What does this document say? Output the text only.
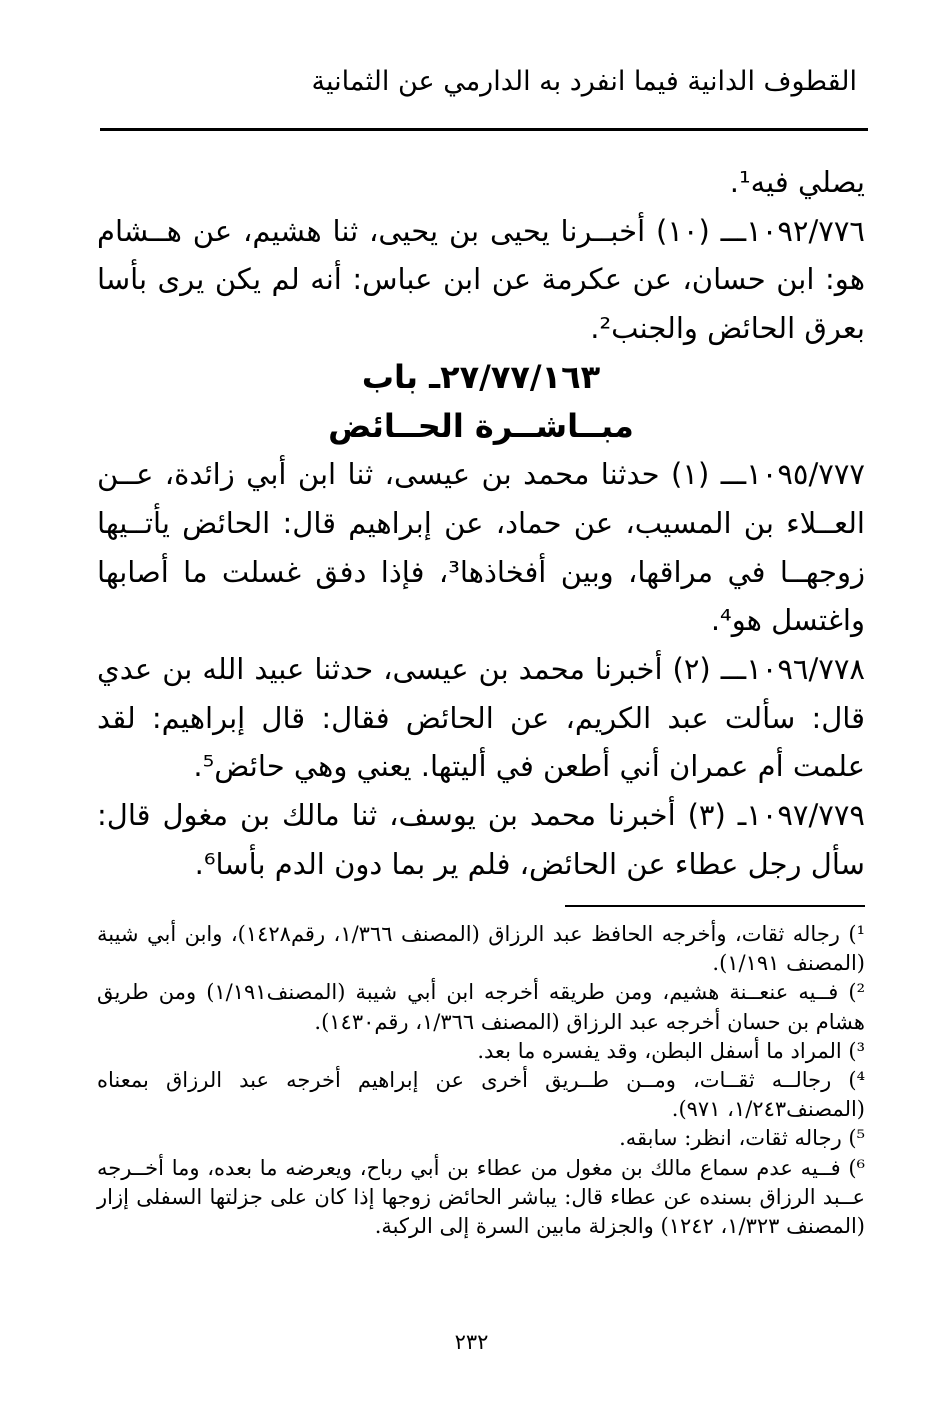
القطوف الدانية فيما انفرد به الدارمي عن الثمانية

يصلي فيه¹.

١٠٩٢/٧٧٦ـــ (١٠) أخبــرنا يحيى بن يحيى، ثنا هشيم، عن هــشام هو: ابن حسان، عن عكرمة عن ابن عباس: أنه لم يكن يرى بأسا بعرق الحائض والجنب².

٢٧/٧٧/١٦٣ـ باب

مبــاشــرة الحــائض

١٠٩٥/٧٧٧ـــ (١) حدثنا محمد بن عيسى، ثنا ابن أبي زائدة، عــن العــلاء بن المسيب، عن حماد، عن إبراهيم قال: الحائض يأتــيها زوجهــا في مراقها، وبين أفخاذها³، فإذا دفق غسلت ما أصابها واغتسل هو⁴.

١٠٩٦/٧٧٨ـــ (٢) أخبرنا محمد بن عيسى، حدثنا عبيد الله بن عدي قال: سألت عبد الكريم، عن الحائض فقال: قال إبراهيم: لقد علمت أم عمران أني أطعن في أليتها. يعني وهي حائض⁵.

١٠٩٧/٧٧٩ـ (٣) أخبرنا محمد بن يوسف، ثنا مالك بن مغول قال: سأل رجل عطاء عن الحائض، فلم ير بما دون الدم بأسا⁶.

¹) رجاله ثقات، وأخرجه الحافظ عبد الرزاق (المصنف ١/٣٦٦، رقم١٤٢٨)، وابن أبي شيبة (المصنف ١/١٩١).

²) فــيه عنعــنة هشيم، ومن طريقه أخرجه ابن أبي شيبة (المصنف١/١٩١) ومن طريق هشام بن حسان أخرجه عبد الرزاق (المصنف ١/٣٦٦، رقم١٤٣٠).

³) المراد ما أسفل البطن، وقد يفسره ما بعد.

⁴) رجالــه ثقــات، ومــن طــريق أخرى عن إبراهيم أخرجه عبد الرزاق بمعناه (المصنف١/٢٤٣، ٩٧١).

⁵) رجاله ثقات، انظر: سابقه.

⁶) فــيه عدم سماع مالك بن مغول من عطاء بن أبي رباح، ويعرضه ما بعده، وما أخــرجه عــبد الرزاق بسنده عن عطاء قال: يباشر الحائض زوجها إذا كان على جزلتها السفلى إزار (المصنف ١/٣٢٣، ١٢٤٢) والجزلة مابين السرة إلى الركبة.

٢٣٢
